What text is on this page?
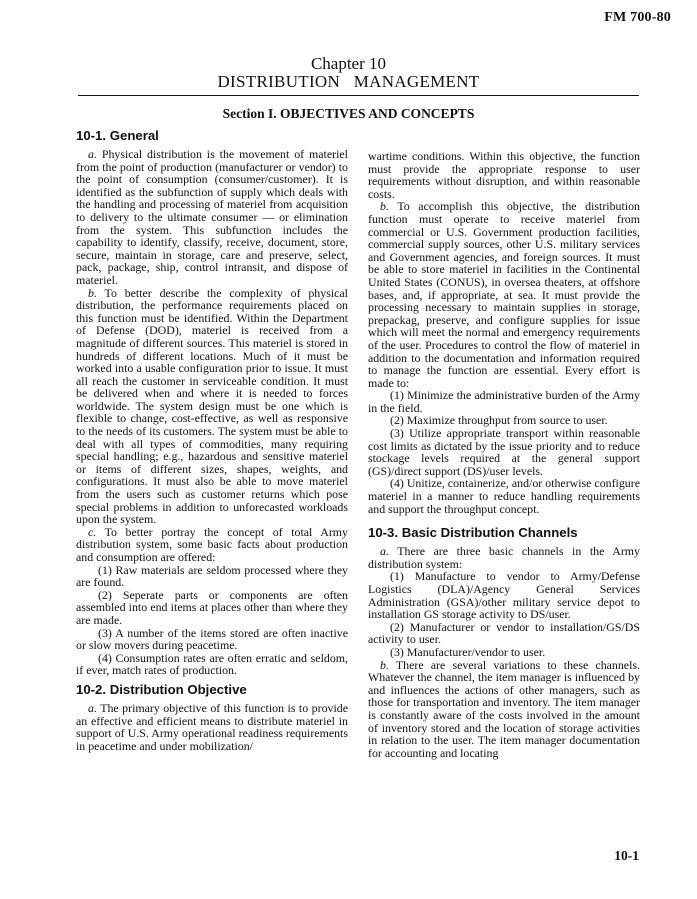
FM 700-80
Chapter 10
DISTRIBUTION   MANAGEMENT
Section I. OBJECTIVES AND CONCEPTS
10-1. General

a. Physical distribution is the movement of materiel from the point of production (manufacturer or vendor) to the point of consumption (consumer/customer). It is identified as the subfunction of supply which deals with the handling and processing of materiel from acquisition to delivery to the ultimate consumer — or elimination from the system. This subfunction includes the capability to identify, classify, receive, document, store, secure, maintain in storage, care and preserve, select, pack, package, ship, control intransit, and dispose of materiel.

b. To better describe the complexity of physical distribution, the performance requirements placed on this function must be identified. Within the Department of Defense (DOD), materiel is received from a magnitude of different sources. This materiel is stored in hundreds of different locations. Much of it must be worked into a usable configuration prior to issue. It must all reach the customer in serviceable condition. It must be delivered when and where it is needed to forces worldwide. The system design must be one which is flexible to change, cost-effective, as well as responsive to the needs of its customers. The system must be able to deal with all types of commodities, many requiring special handling; e.g., hazardous and sensitive materiel or items of different sizes, shapes, weights, and configurations. It must also be able to move materiel from the users such as customer returns which pose special problems in addition to unforecasted workloads upon the system.

c. To better portray the concept of total Army distribution system, some basic facts about production and consumption are offered:

(1) Raw materials are seldom processed where they are found.

(2) Seperate parts or components are often assembled into end items at places other than where they are made.

(3) A number of the items stored are often inactive or slow movers during peacetime.

(4) Consumption rates are often erratic and seldom, if ever, match rates of production.

10-2. Distribution Objective

a. The primary objective of this function is to provide an effective and efficient means to distribute materiel in support of U.S. Army operational readiness requirements in peacetime and under mobilization/

wartime conditions. Within this objective, the function must provide the appropriate response to user requirements without disruption, and within reasonable costs.

b. To accomplish this objective, the distribution function must operate to receive materiel from commercial or U.S. Government production facilities, commercial supply sources, other U.S. military services and Government agencies, and foreign sources. It must be able to store materiel in facilities in the Continental United States (CONUS), in oversea theaters, at offshore bases, and, if appropriate, at sea. It must provide the processing necessary to maintain supplies in storage, prepackag, preserve, and configure supplies for issue which will meet the normal and emergency requirements of the user. Procedures to control the flow of materiel in addition to the documentation and information required to manage the function are essential. Every effort is made to:

(1) Minimize the administrative burden of the Army in the field.

(2) Maximize throughput from source to user.

(3) Utilize appropriate transport within reasonable cost limits as dictated by the issue priority and to reduce stockage levels required at the general support (GS)/direct support (DS)/user levels.

(4) Unitize, containerize, and/or otherwise configure materiel in a manner to reduce handling requirements and support the throughput concept.

10-3. Basic Distribution Channels

a. There are three basic channels in the Army distribution system:

(1) Manufacture to vendor to Army/Defense Logistics (DLA)/Agency General Services Administration (GSA)/other military service depot to installation GS storage activity to DS/user.

(2) Manufacturer or vendor to installation/GS/DS activity to user.

(3) Manufacturer/vendor to user.

b. There are several variations to these channels. Whatever the channel, the item manager is influenced by and influences the actions of other managers, such as those for transportation and inventory. The item manager is constantly aware of the costs involved in the amount of inventory stored and the location of storage activities in relation to the user. The item manager documentation for accounting and locating

10-1
